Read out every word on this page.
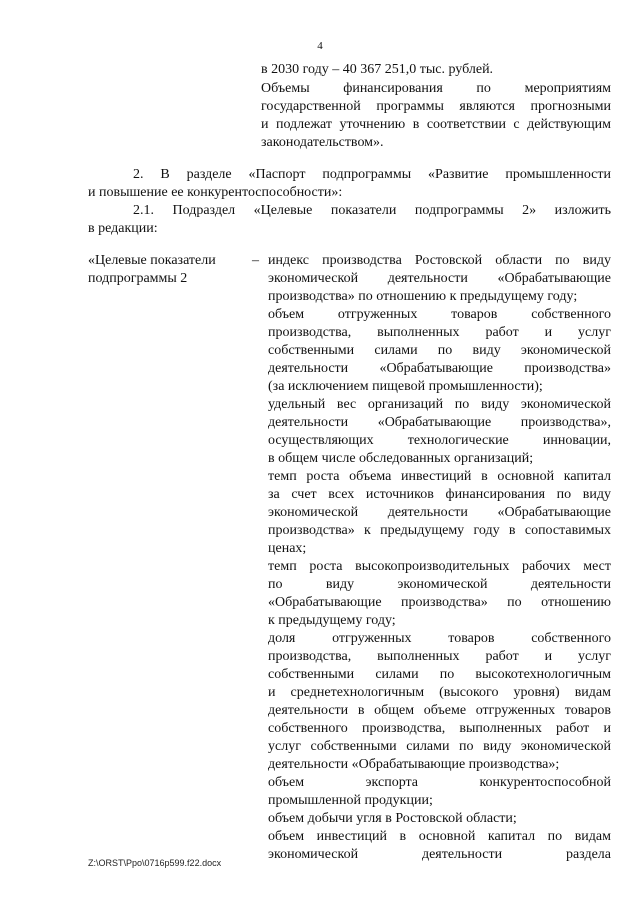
4
в 2030 году – 40 367 251,0 тыс. рублей.
Объемы финансирования по мероприятиям
государственной программы являются прогнозными
и подлежат уточнению в соответствии с действующим
законодательством».
2. В разделе «Паспорт подпрограммы «Развитие промышленности
и повышение ее конкурентоспособности»:
2.1. Подраздел «Целевые показатели подпрограммы 2» изложить
в редакции:
«Целевые показатели
подпрограммы 2
– индекс производства Ростовской области по виду
экономической деятельности «Обрабатывающие
производства» по отношению к предыдущему году;
объем отгруженных товаров собственного
производства, выполненных работ и услуг
собственными силами по виду экономической
деятельности «Обрабатывающие производства»
(за исключением пищевой промышленности);
удельный вес организаций по виду экономической
деятельности «Обрабатывающие производства»,
осуществляющих технологические инновации,
в общем числе обследованных организаций;
темп роста объема инвестиций в основной капитал
за счет всех источников финансирования по виду
экономической деятельности «Обрабатывающие
производства» к предыдущему году в сопоставимых
ценах;
темп роста высокопроизводительных рабочих мест
по виду экономической деятельности
«Обрабатывающие производства» по отношению
к предыдущему году;
доля отгруженных товаров собственного
производства, выполненных работ и услуг
собственными силами по высокотехнологичным
и среднетехнологичным (высокого уровня) видам
деятельности в общем объеме отгруженных товаров
собственного производства, выполненных работ и
услуг собственными силами по виду экономической
деятельности «Обрабатывающие производства»;
объем экспорта конкурентоспособной
промышленной продукции;
объем добычи угля в Ростовской области;
объем инвестиций в основной капитал по видам
экономической деятельности раздела
Z:\ORST\Ppo\0716p599.f22.docx
